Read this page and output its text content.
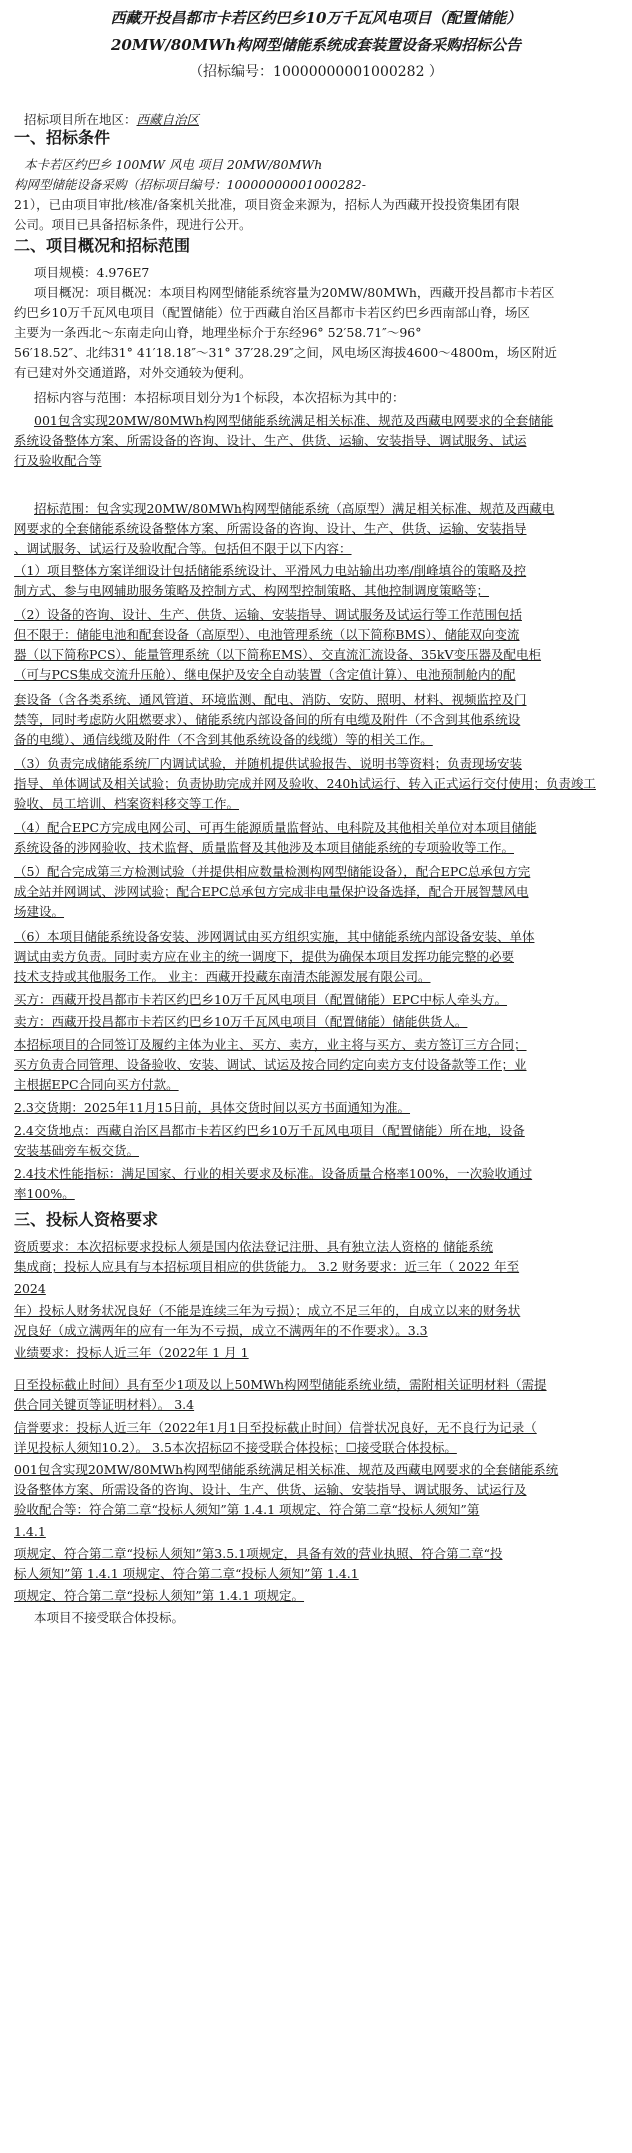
西藏开投昌都市卡若区约巴乡10万千瓦风电项目（配置储能）
20MW/80MWh构网型储能系统成套装置设备采购招标公告
（招标编号：10000000001000282 ）
招标项目所在地区：西藏自治区
一、招标条件
本卡若区约巴乡 100MW 风电 项目 20MW/80MWh
构网型储能设备采购（招标项目编号：10000000001000282-
21），已由项目审批/核准/备案机关批准，项目资金来源为，招标人为西藏开投投资集团有限
公司。项目已具备招标条件，现进行公开。
二、项目概况和招标范围
项目规模：4.976E7
项目概况：项目概况：本项目构网型储能系统容量为20MW/80MWh，西藏开投昌都市卡若区
约巴乡10万千瓦风电项目（配置储能）位于西藏自治区昌都市卡若区约巴乡西南部山脊，场区
主要为一条西北～东南走向山脊，地理坐标介于东经96° 52′58.71″～96°
56′18.52″、北纬31° 41′18.18″～31° 37′28.29″之间，风电场区海拔4600～4800m，场区附近
有已建对外交通道路，对外交通较为便利。
招标内容与范围：本招标项目划分为1个标段，本次招标为其中的：
001包含实现20MW/80MWh构网型储能系统满足相关标准、规范及西藏电网要求的全套储能
系统设备整体方案、所需设备的咨询、设计、生产、供货、运输、安装指导、调试服务、试运
行及验收配合等
招标范围：包含实现20MW/80MWh构网型储能系统（高原型）满足相关标准、规范及西藏电
网要求的全套储能系统设备整体方案、所需设备的咨询、设计、生产、供货、运输、安装指导
、调试服务、试运行及验收配合等。包括但不限于以下内容：
（1）项目整体方案详细设计包括储能系统设计、平滑风力电站输出功率/削峰填谷的策略及控
制方式、参与电网辅助服务策略及控制方式、构网型控制策略、其他控制调度策略等；
（2）设备的咨询、设计、生产、供货、运输、安装指导、调试服务及试运行等工作范围包括
但不限于：储能电池和配套设备（高原型）、电池管理系统（以下简称BMS）、储能双向变流
器（以下简称PCS）、能量管理系统（以下简称EMS）、交直流汇流设备、35kV变压器及配电柜
（可与PCS集成交流升压舱）、继电保护及安全自动装置（含定值计算）、电池预制舱内的配
套设备（含各类系统、通风管道、环境监测、配电、消防、安防、照明、材料、视频监控及门
禁等，同时考虑防火阻燃要求）、储能系统内部设备间的所有电缆及附件（不含到其他系统设
备的电缆）、通信线缆及附件（不含到其他系统设备的线缆）等的相关工作。
（3）负责完成储能系统厂内调试试验，并随机提供试验报告、说明书等资料；负责现场安装
指导、单体调试及相关试验；负责协助完成并网及验收、240h试运行、转入正式运行交付使用；负责竣工
验收、员工培训、档案资料移交等工作。
（4）配合EPC方完成电网公司、可再生能源质量监督站、电科院及其他相关单位对本项目储能
系统设备的涉网验收、技术监督、质量监督及其他涉及本项目储能系统的专项验收等工作。
（5）配合完成第三方检测试验（并提供相应数量检测构网型储能设备），配合EPC总承包方完
成全站并网调试、涉网试验；配合EPC总承包方完成非电量保护设备选择，配合开展智慧风电
场建设。
（6）本项目储能系统设备安装、涉网调试由买方组织实施，其中储能系统内部设备安装、单体
调试由卖方负责。同时卖方应在业主的统一调度下，提供为确保本项目发挥功能完整的必要
技术支持或其他服务工作。 业主：西藏开投藏东南清杰能源发展有限公司。
买方：西藏开投昌都市卡若区约巴乡10万千瓦风电项目（配置储能）EPC中标人牵头方。
卖方：西藏开投昌都市卡若区约巴乡10万千瓦风电项目（配置储能）储能供货人。
本招标项目的合同签订及履约主体为业主、买方、卖方，业主将与买方、卖方签订三方合同；
买方负责合同管理、设备验收、安装、调试、试运及按合同约定向卖方支付设备款等工作；业
主根据EPC合同向买方付款。
2.3交货期：2025年11月15日前，具体交货时间以买方书面通知为准。
2.4交货地点：西藏自治区昌都市卡若区约巴乡10万千瓦风电项目（配置储能）所在地，设备
安装基础旁车板交货。
2.4技术性能指标：满足国家、行业的相关要求及标准。设备质量合格率100%，一次验收通过
率100%。
三、投标人资格要求
资质要求：本次招标要求投标人须是国内依法登记注册、具有独立法人资格的 储能系统
集成商；投标人应具有与本招标项目相应的供货能力。 3.2 财务要求：近三年（ 2022 年至
2024
年）投标人财务状况良好（不能是连续三年为亏损）；成立不足三年的，自成立以来的财务状
况良好（成立满两年的应有一年为不亏损，成立不满两年的不作要求）。3.3
业绩要求：投标人近三年（2022年 1 月 1
日至投标截止时间）具有至少1项及以上50MWh构网型储能系统业绩，需附相关证明材料（需提
供合同关键页等证明材料）。 3.4
信誉要求：投标人近三年（2022年1月1日至投标截止时间）信誉状况良好，无不良行为记录（
详见投标人须知10.2）。 3.5本次招标☑不接受联合体投标；☐接受联合体投标。
001包含实现20MW/80MWh构网型储能系统满足相关标准、规范及西藏电网要求的全套储能系统
设备整体方案、所需设备的咨询、设计、生产、供货、运输、安装指导、调试服务、试运行及
验收配合等：符合第二章“投标人须知”第 1.4.1 项规定、符合第二章“投标人须知”第
1.4.1
项规定、符合第二章“投标人须知”第3.5.1项规定，具备有效的营业执照、符合第二章“投
标人须知”第 1.4.1 项规定、符合第二章“投标人须知”第 1.4.1
项规定、符合第二章“投标人须知”第 1.4.1 项规定。
本项目不接受联合体投标。
